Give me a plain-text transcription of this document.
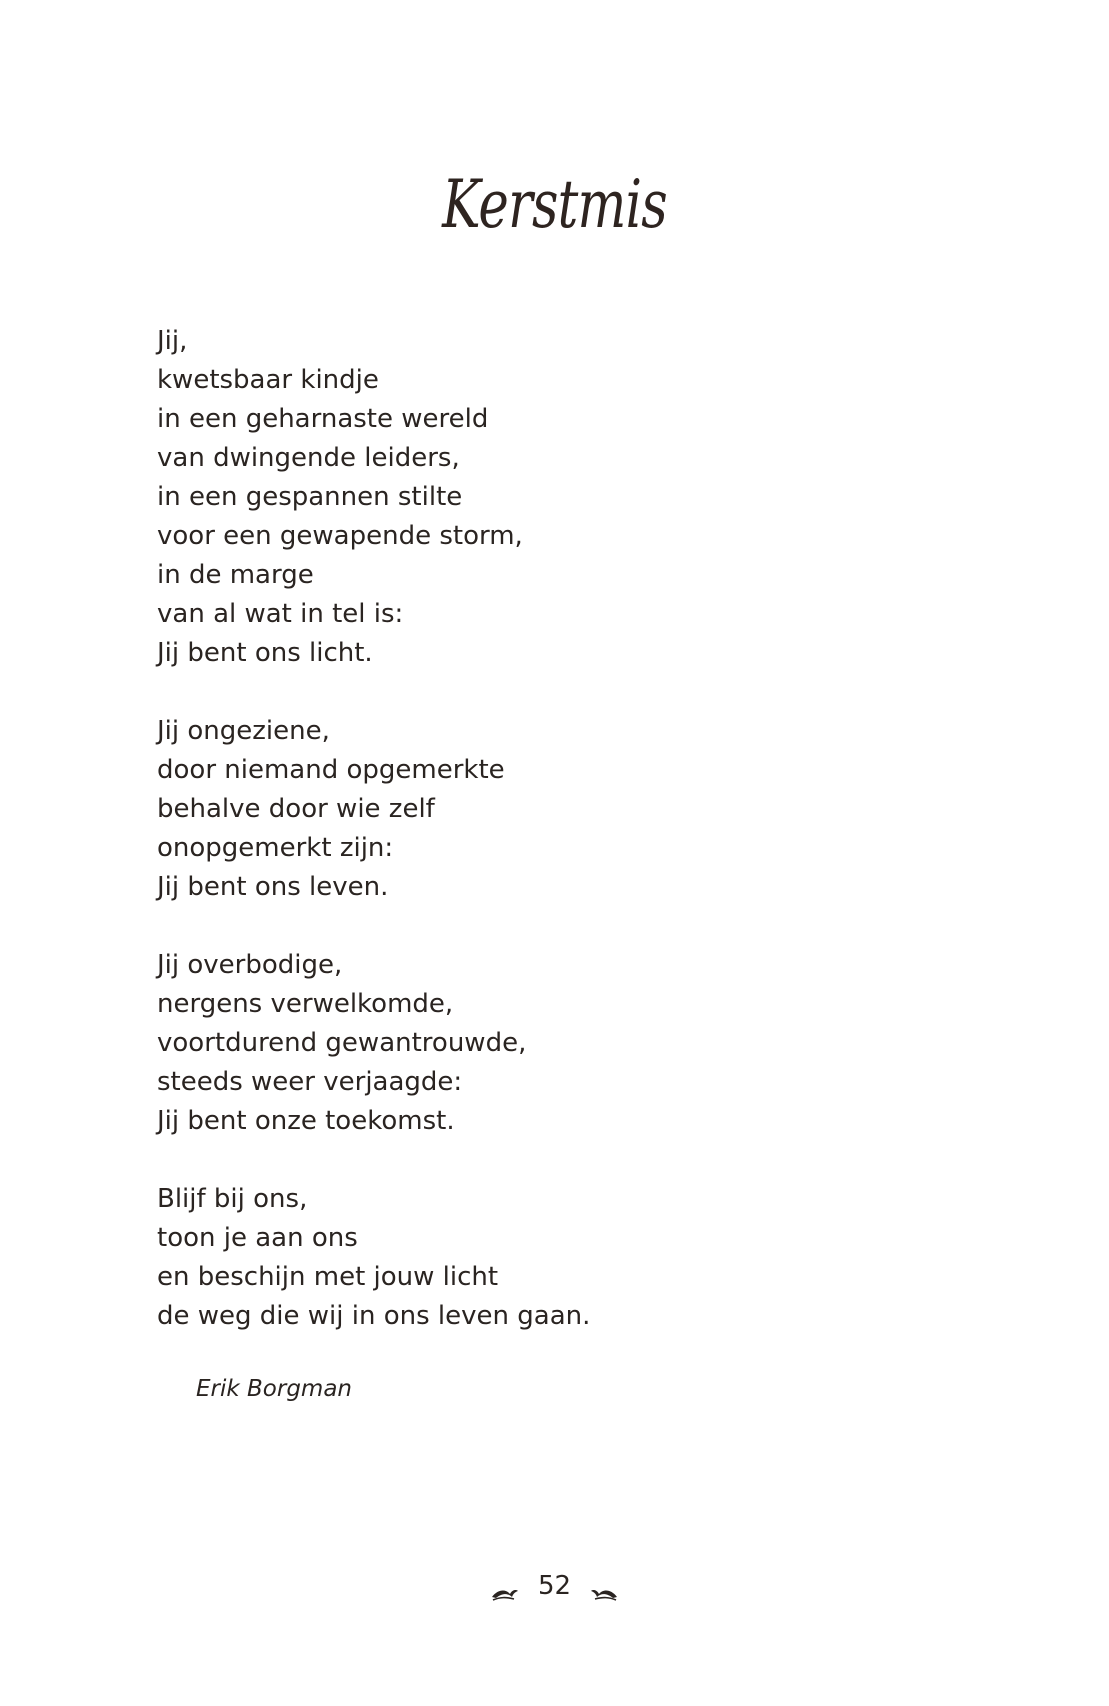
Kerstmis
Jij,
kwetsbaar kindje
in een geharnaste wereld
van dwingende leiders,
in een gespannen stilte
voor een gewapende storm,
in de marge
van al wat in tel is:
Jij bent ons licht.
Jij ongeziene,
door niemand opgemerkte
behalve door wie zelf
onopgemerkt zijn:
Jij bent ons leven.
Jij overbodige,
nergens verwelkomde,
voortdurend gewantrouwde,
steeds weer verjaagde:
Jij bent onze toekomst.
Blijf bij ons,
toon je aan ons
en beschijn met jouw licht
de weg die wij in ons leven gaan.
Erik Borgman
52
